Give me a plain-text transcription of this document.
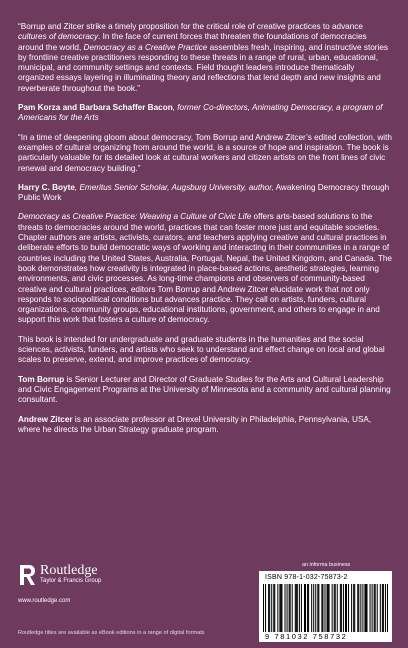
“Borrup and Zitcer strike a timely proposition for the critical role of creative practices to advance cultures of democracy. In the face of current forces that threaten the foundations of democracies around the world, Democracy as a Creative Practice assembles fresh, inspiring, and instructive stories by frontline creative practitioners responding to these threats in a range of rural, urban, educational, municipal, and community settings and contexts. Field thought leaders introduce thematically organized essays layering in illuminating theory and reflections that lend depth and new insights and reverberate throughout the book.”

Pam Korza and Barbara Schaffer Bacon, former Co-directors, Animating Democracy, a program of Americans for the Arts

“In a time of deepening gloom about democracy, Tom Borrup and Andrew Zitcer’s edited collection, with examples of cultural organizing from around the world, is a source of hope and inspiration. The book is particularly valuable for its detailed look at cultural workers and citizen artists on the front lines of civic renewal and democracy building.”

Harry C. Boyte, Emeritus Senior Scholar, Augsburg University, author, Awakening Democracy through Public Work

Democracy as Creative Practice: Weaving a Culture of Civic Life offers arts-based solutions to the threats to democracies around the world, practices that can foster more just and equitable societies. Chapter authors are artists, activists, curators, and teachers applying creative and cultural practices in deliberate efforts to build democratic ways of working and interacting in their communities in a range of countries including the United States, Australia, Portugal, Nepal, the United Kingdom, and Canada. The book demonstrates how creativity is integrated in place-based actions, aesthetic strategies, learning environments, and civic processes. As long-time champions and observers of community-based creative and cultural practices, editors Tom Borrup and Andrew Zitcer elucidate work that not only responds to sociopolitical conditions but advances practice. They call on artists, funders, cultural organizations, community groups, educational institutions, government, and others to engage in and support this work that fosters a culture of democracy.

This book is intended for undergraduate and graduate students in the humanities and the social sciences, activists, funders, and artists who seek to understand and effect change on local and global scales to preserve, extend, and improve practices of democracy.

Tom Borrup is Senior Lecturer and Director of Graduate Studies for the Arts and Cultural Leadership and Civic Engagement Programs at the University of Minnesota and a community and cultural planning consultant.

Andrew Zitcer is an associate professor at Drexel University in Philadelphia, Pennsylvania, USA, where he directs the Urban Strategy graduate program.

Routledge
Taylor & Francis Group
www.routledge.com
Routledge titles are available as eBook editions in a range of digital formats
an informa business
ISBN 978-1-032-75873-2
9 781032 758732
